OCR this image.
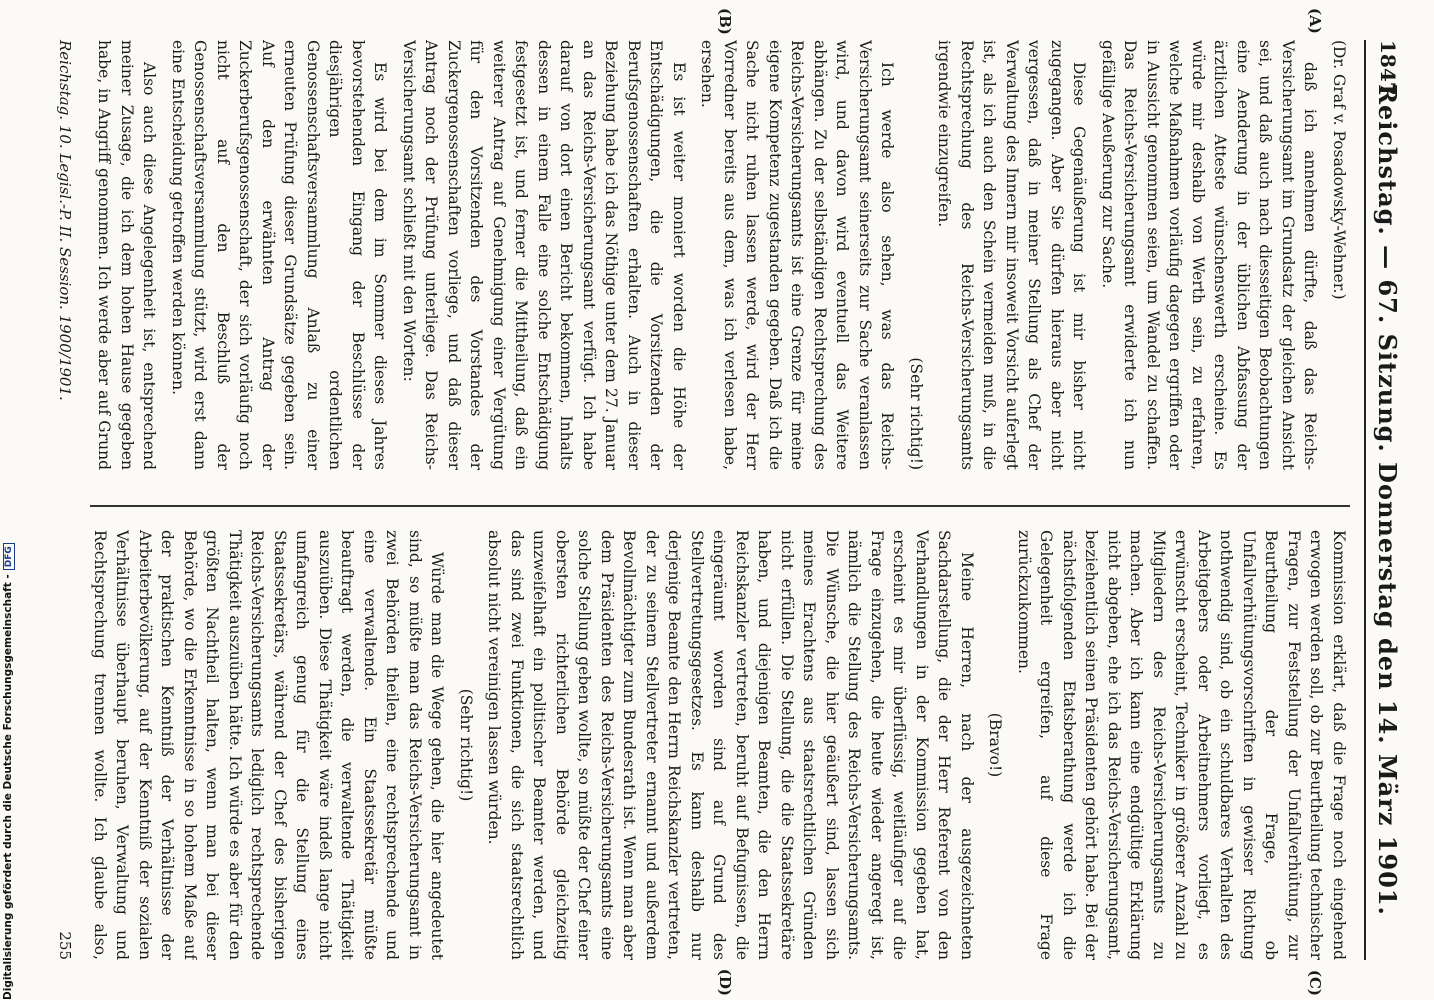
1847
Reichstag. — 67. Sitzung. Donnerstag den 14. März 1901.

(Dr. Graf v. Posadowsky-Wehner.)

daß ich annehmen dürfte, daß das Reichs-Versicherungsamt im Grundsatz der gleichen Ansicht sei, und daß auch nach diesseitigen Beobachtungen eine Aenderung in der üblichen Abfassung der ärztlichen Atteste wünschenswerth erscheine. Es würde mir deshalb von Werth sein, zu erfahren, welche Maßnahmen vorläufig dagegen ergriffen oder in Aussicht genommen seien, um Wandel zu schaffen. Das Reichs-Versicherungsamt erwiderte ich nun gefällige Aeußerung zur Sache.

Diese Gegenäußerung ist mir bisher nicht zugegangen. Aber Sie dürfen hieraus aber nicht vergessen, daß in meiner Stellung als Chef der Verwaltung des Innern mir insoweit Vorsicht auferlegt ist, als ich auch den Schein vermeiden muß, in die Rechtsprechung des Reichs-Versicherungsamts irgendwie einzugreifen.

(Sehr richtig!)

Ich werde also sehen, was das Reichs-Versicherungsamt seinerseits zur Sache veranlassen wird, und davon wird eventuell das Weitere abhängen. Zu der selbständigen Rechtsprechung des Reichs-Versicherungsamts ist eine Grenze für meine eigene Kompetenz zugestanden gegeben. Daß ich die Sache nicht ruhen lassen werde, wird der Herr Vorredner bereits aus dem, was ich verlesen habe, ersehen.

Es ist weiter moniert worden die Höhe der Entschädigungen, die die Vorsitzenden der Berufsgenossenschaften erhalten. Auch in dieser Beziehung habe ich das Nöthige unter dem 27. Januar an das Reichs-Versicherungsamt verfügt. Ich habe darauf von dort einen Bericht bekommen, Inhalts dessen in einem Falle eine solche Entschädigung festgesetzt ist, und ferner die Mittheilung, daß ein weiterer Antrag auf Genehmigung einer Vergütung für den Vorsitzenden des Vorstandes der Zuckergenossenschaften vorliege, und daß dieser Antrag noch der Prüfung unterliege. Das Reichs-Versicherungsamt schließt mit den Worten:

Es wird bei dem im Sommer dieses Jahres bevorstehenden Eingang der Beschlüsse der diesjährigen ordentlichen Genossenschaftsversammlung Anlaß zu einer erneuten Prüfung dieser Grundsätze gegeben sein. Auf den erwähnten Antrag der Zuckerberufsgenossenschaft, der sich vorläufig noch nicht auf den Beschluß der Genossenschaftsversammlung stützt, wird erst dann eine Entscheidung getroffen werden können.

Also auch diese Angelegenheit ist, entsprechend meiner Zusage, die ich dem hohen Hause gegeben habe, in Angriff genommen. Ich werde aber auf Grund

Kommission erklärt, daß die Frage noch eingehend erwogen werden soll, ob zur Beurtheilung technischer Fragen, zur Feststellung der Unfallverhütung, zur Beurtheilung der Frage, ob Unfallverhütungsvorschriften in gewisser Richtung nothwendig sind, ob ein schuldbares Verhalten des Arbeitgebers oder Arbeitnehmers vorliegt, es erwünscht erscheint, Techniker in größerer Anzahl zu Mitgliedern des Reichs-Versicherungsamts zu machen. Aber ich kann eine endgültige Erklärung nicht abgeben, ehe ich das Reichs-Versicherungsamt, beziehentlich seinen Präsidenten gehört habe. Bei der nächstfolgenden Etatsberathung werde ich die Gelegenheit ergreifen, auf diese Frage zurückzukommen.

(Bravo!)

Meine Herren, nach der ausgezeichneten Sachdarstellung, die der Herr Referent von den Verhandlungen in der Kommission gegeben hat, erscheint es mir überflüssig, weitläufiger auf die Frage einzugehen, die heute wieder angeregt ist, nämlich die Stellung des Reichs-Versicherungsamts. Die Wünsche, die hier geäußert sind, lassen sich meines Erachtens aus staatsrechtlichen Gründen nicht erfüllen. Die Stellung, die die Staatssekretäre haben, und diejenigen Beamten, die den Herrn Reichskanzler vertreten, beruht auf Befugnissen, die eingeräumt worden sind auf Grund des Stellvertretungsgesetzes. Es kann deshalb nur derjenige Beamte den Herrn Reichskanzler vertreten, der zu seinem Stellvertreter ernannt und außerdem Bevollmächtigter zum Bundesrath ist. Wenn man aber dem Präsidenten des Reichs-Versicherungsamts eine solche Stellung geben wollte, so müßte der Chef einer obersten richterlichen Behörde gleichzeitig unzweifelhaft ein politischer Beamter werden, und das sind zwei Funktionen, die sich staatsrechtlich absolut nicht vereinigen lassen würden.

(Sehr richtig!)

Würde man die Wege gehen, die hier angedeutet sind, so müßte man das Reichs-Versicherungsamt in zwei Behörden theilen, eine rechtsprechende und eine verwaltende. Ein Staatssekretär müßte beauftragt werden, die verwaltende Thätigkeit auszuüben. Diese Thätigkeit wäre indeß lange nicht umfangreich genug für die Stellung eines Staatssekretärs, während der Chef des bisherigen Reichs-Versicherungsamts lediglich rechtsprechende Thätigkeit auszuüben hätte. Ich würde es aber für den größten Nachtheil halten, wenn man bei dieser Behörde, wo die Erkenntnisse in so hohem Maße auf der praktischen Kenntniß der Verhältnisse der Arbeiterbevölkerung, auf der Kenntniß der sozialen Verhältnisse überhaupt beruhen, Verwaltung und Rechtsprechung trennen wollte. Ich glaube also,

(A)
(B)
(C)
(D)
Reichstag. 10. Legisl.-P. II. Session. 1900/1901.
255
Digitalisierung gefördert durch die Deutsche Forschungsgemeinschaft -DFG
